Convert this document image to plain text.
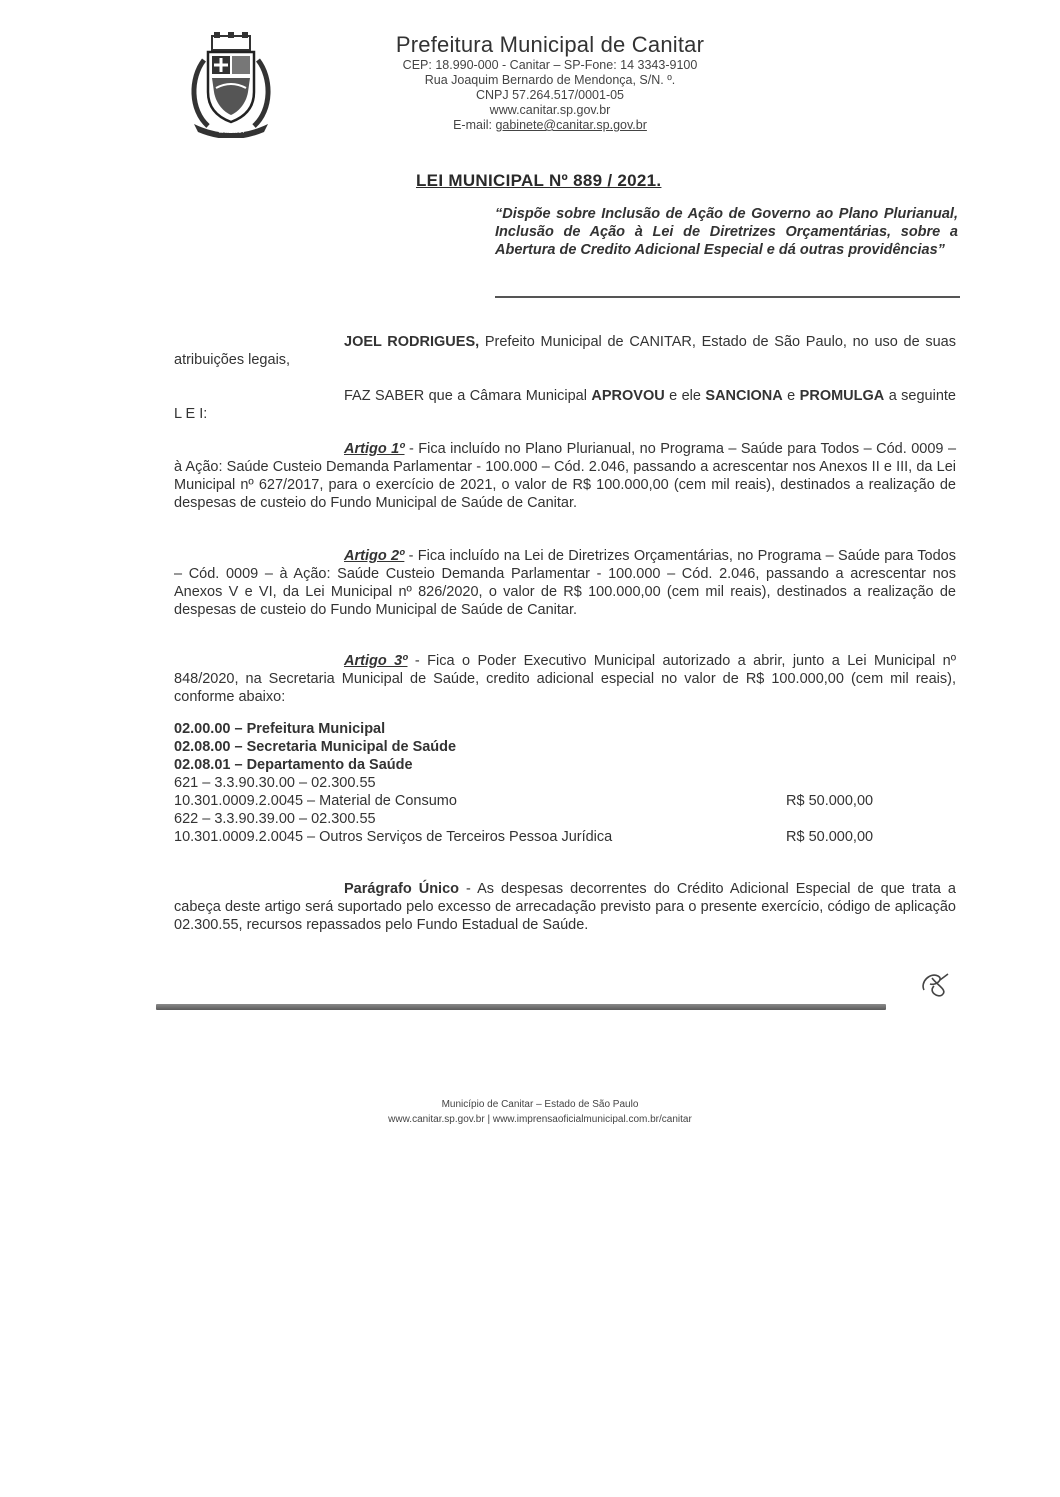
CANITAR
Prefeitura Municipal de Canitar
CEP: 18.990-000 - Canitar – SP-Fone: 14 3343-9100
Rua Joaquim Bernardo de Mendonça, S/N. º.
CNPJ 57.264.517/0001-05
www.canitar.sp.gov.br
E-mail: gabinete@canitar.sp.gov.br
LEI MUNICIPAL Nº 889 / 2021.
“Dispõe sobre Inclusão de Ação de Governo ao Plano Plurianual, Inclusão de Ação à Lei de Diretrizes Orçamentárias, sobre a Abertura de Credito Adicional Especial e dá outras providências”
JOEL RODRIGUES, Prefeito Municipal de CANITAR, Estado de São Paulo, no uso de suas atribuições legais,
FAZ SABER que a Câmara Municipal APROVOU e ele SANCIONA e PROMULGA a seguinte L E I:
Artigo 1º - Fica incluído no Plano Plurianual, no Programa – Saúde para Todos – Cód. 0009 – à Ação: Saúde Custeio Demanda Parlamentar - 100.000 – Cód. 2.046, passando a acrescentar nos Anexos II e III, da Lei Municipal nº 627/2017, para o exercício de 2021, o valor de R$ 100.000,00 (cem mil reais), destinados a realização de despesas de custeio do Fundo Municipal de Saúde de Canitar.
Artigo 2º - Fica incluído na Lei de Diretrizes Orçamentárias, no Programa – Saúde para Todos – Cód. 0009 – à Ação: Saúde Custeio Demanda Parlamentar - 100.000 – Cód. 2.046, passando a acrescentar nos Anexos V e VI, da Lei Municipal nº 826/2020, o valor de R$ 100.000,00 (cem mil reais), destinados a realização de despesas de custeio do Fundo Municipal de Saúde de Canitar.
Artigo 3º - Fica o Poder Executivo Municipal autorizado a abrir, junto a Lei Municipal nº 848/2020, na Secretaria Municipal de Saúde, credito adicional especial no valor de R$ 100.000,00 (cem mil reais), conforme abaixo:
02.00.00 – Prefeitura Municipal
02.08.00 – Secretaria Municipal de Saúde
02.08.01 – Departamento da Saúde
621 – 3.3.90.30.00 – 02.300.55
10.301.0009.2.0045 – Material de Consumo	R$ 50.000,00
622 – 3.3.90.39.00 – 02.300.55
10.301.0009.2.0045 – Outros Serviços de Terceiros Pessoa Jurídica	R$ 50.000,00
Parágrafo Único - As despesas decorrentes do Crédito Adicional Especial de que trata a cabeça deste artigo será suportado pelo excesso de arrecadação previsto para o presente exercício, código de aplicação 02.300.55, recursos repassados pelo Fundo Estadual de Saúde.
Município de Canitar – Estado de São Paulo
www.canitar.sp.gov.br | www.imprensaoficialmunicipal.com.br/canitar
